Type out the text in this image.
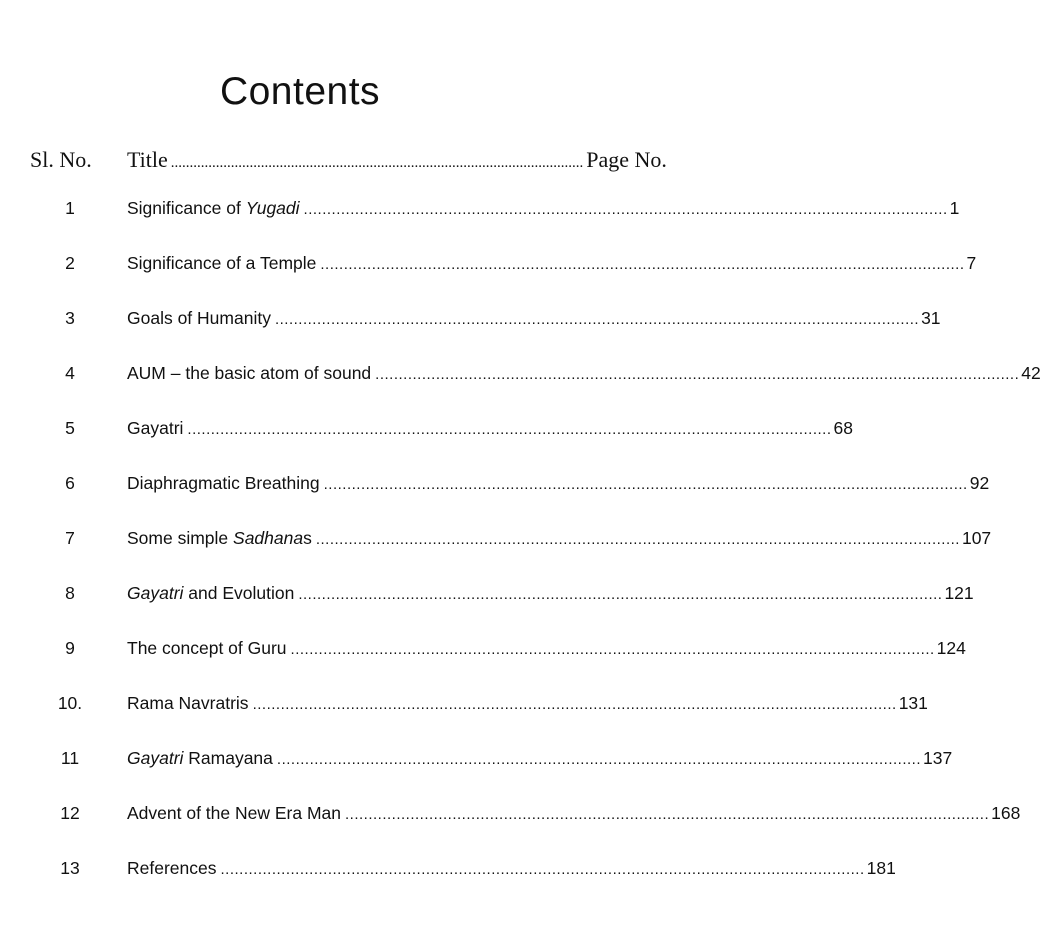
Contents
Sl. No. Title .............................................................................................................. Page No.
1	Significance of Yugadi .......................................................................................................................................... 1
2	Significance of a Temple .......................................................................................................................................... 7
3	Goals of Humanity .......................................................................................................................................... 31
4	AUM – the basic atom of sound .......................................................................................................................................... 42
5	Gayatri .......................................................................................................................................... 68
6	Diaphragmatic Breathing .......................................................................................................................................... 92
7	Some simple Sadhanas .......................................................................................................................................... 107
8	Gayatri and Evolution .......................................................................................................................................... 121
9	The concept of Guru .......................................................................................................................................... 124
10.	Rama Navratris .......................................................................................................................................... 131
11	Gayatri Ramayana .......................................................................................................................................... 137
12	Advent of the New Era Man .......................................................................................................................................... 168
13	References .......................................................................................................................................... 181
